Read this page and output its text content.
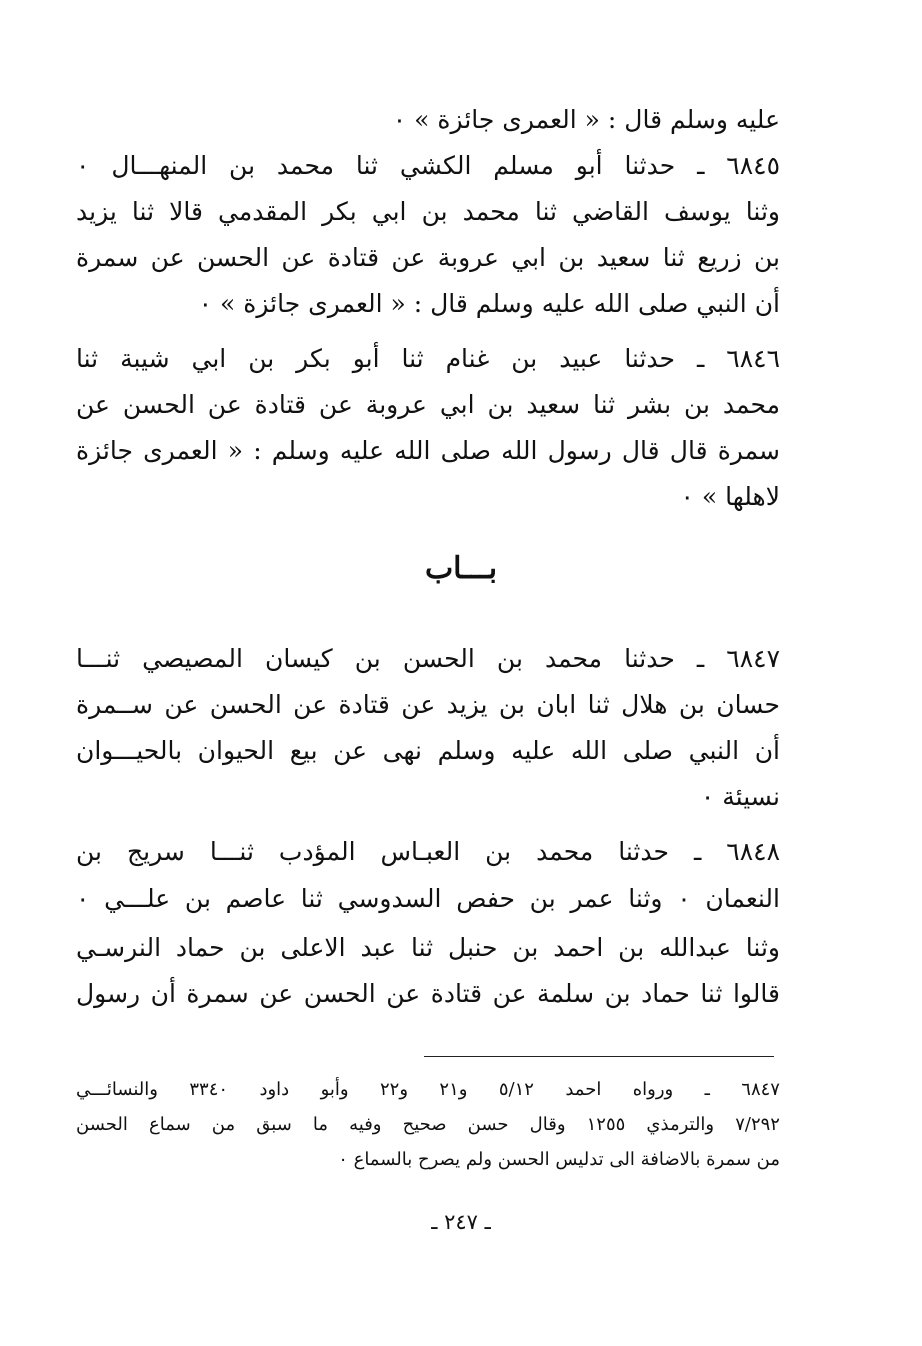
عليه وسلم قال : « العمرى جائزة » ٠
٦٨٤٥ ـ حدثنا أبو مسلم الكشي ثنا محمد بن المنهـــال ٠
وثنا يوسف القاضي ثنا محمد بن ابي بكر المقدمي قالا ثنا يزيد
بن زريع ثنا سعيد بن ابي عروبة عن قتادة عن الحسن عن سمرة
أن النبي صلى الله عليه وسلم قال : « العمرى جائزة » ٠
٦٨٤٦ ـ حدثنا عبيد بن غنام ثنا أبو بكر بن ابي شيبة ثنا
محمد بن بشر ثنا سعيد بن ابي عروبة عن قتادة عن الحسن عن
سمرة قال قال رسول الله صلى الله عليه وسلم : « العمرى جائزة
لاهلها » ٠
بـــاب
٦٨٤٧ ـ حدثنا محمد بن الحسن بن كيسان المصيصي ثنـــا
حسان بن هلال ثنا ابان بن يزيد عن قتادة عن الحسن عن ســمرة
أن النبي صلى الله عليه وسلم نهى عن بيع الحيوان بالحيـــوان
نسيئة ٠
٦٨٤٨ ـ حدثنا محمد بن العبـاس المؤدب ثنـــا سريج بن
النعمان ٠ وثنا عمر بن حفص السدوسي ثنا عاصم بن علـــي ٠
وثنا عبدالله بن احمد بن حنبل ثنا عبد الاعلى بن حماد النرسـي
قالوا ثنا حماد بن سلمة عن قتادة عن الحسن عن سمرة أن رسول
٦٨٤٧ ـ ورواه احمد ٥/١٢ و٢١ و٢٢ وأبو داود ٣٣٤٠ والنسائـــي
٧/٢٩٢ والترمذي ١٢٥٥ وقال حسن صحيح وفيه ما سبق من سماع الحسن
من سمرة بالاضافة الى تدليس الحسن ولم يصرح بالسماع ٠
ـ ٢٤٧ ـ
